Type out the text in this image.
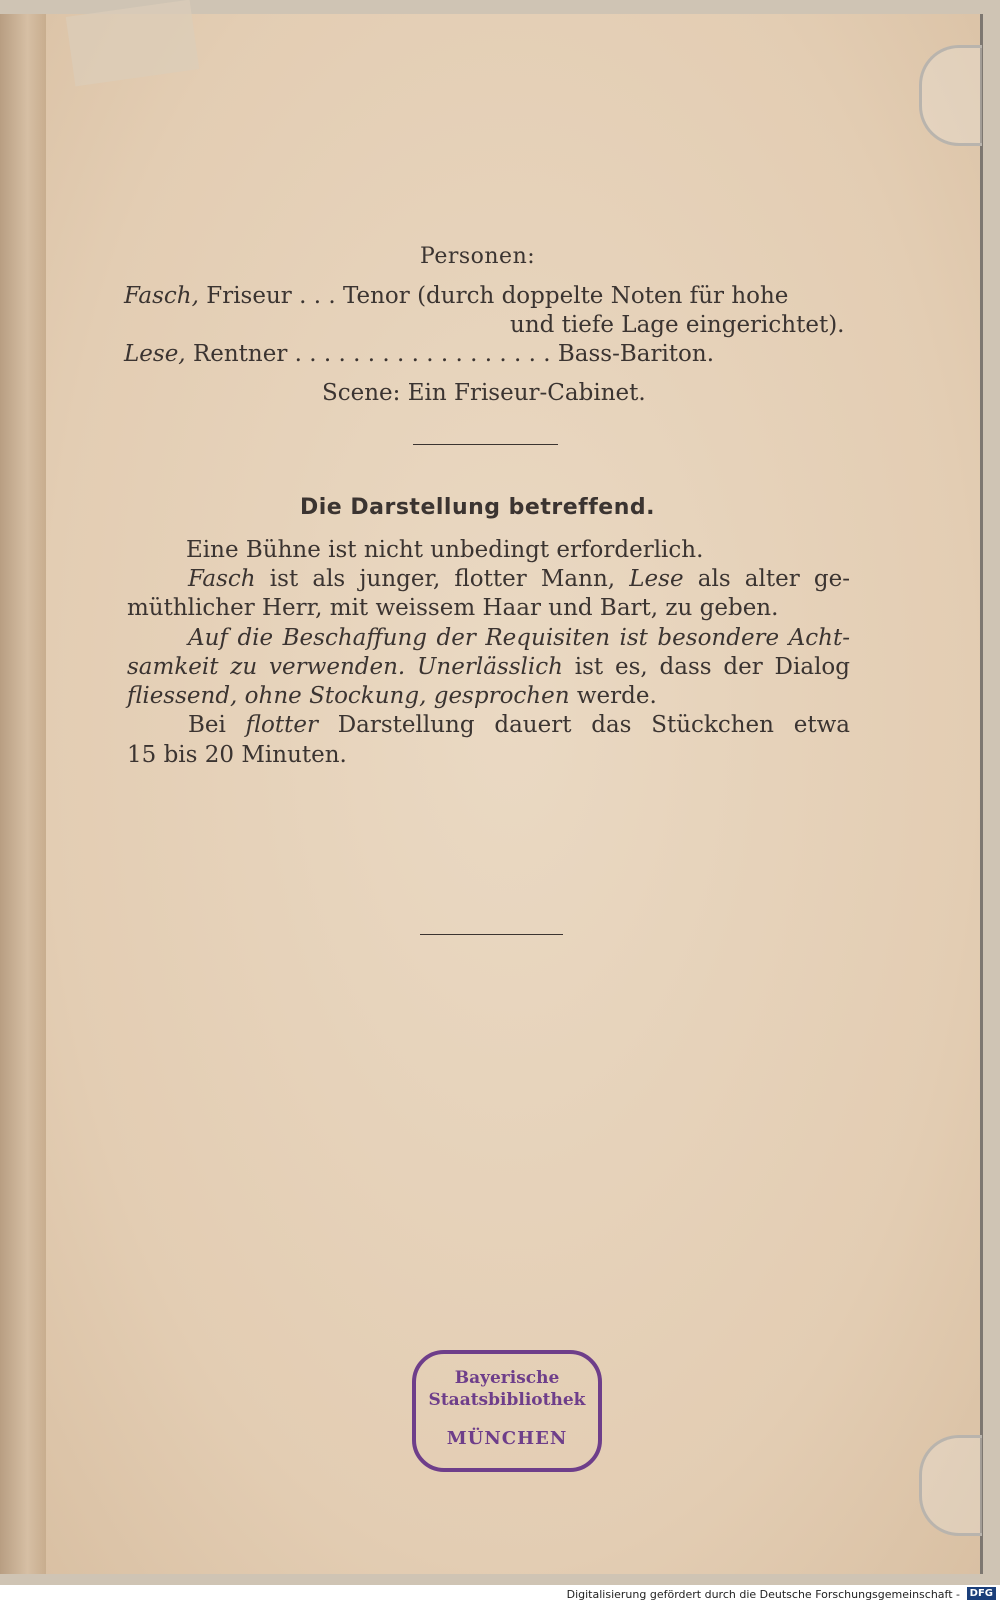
Personen:
Fasch, Friseur . . . Tenor (durch doppelte Noten für hohe
und tiefe Lage eingerichtet).
Lese, Rentner . . . . . . . . . . . . . . . . . . Bass-Bariton.
Scene: Ein Friseur-Cabinet.
Die Darstellung betreffend.
Eine Bühne ist nicht unbedingt erforderlich.
Fasch ist als junger, flotter Mann, Lese als alter ge-
müthlicher Herr, mit weissem Haar und Bart, zu geben.
Auf die Beschaffung der Requisiten ist besondere Acht-
samkeit zu verwenden. Unerlässlich ist es, dass der Dialog
fliessend, ohne Stockung, gesprochen werde.
Bei flotter Darstellung dauert das Stückchen etwa
15 bis 20 Minuten.
Bayerische
Staatsbibliothek
MÜNCHEN
Digitalisierung gefördert durch die Deutsche Forschungsgemeinschaft - DFG
